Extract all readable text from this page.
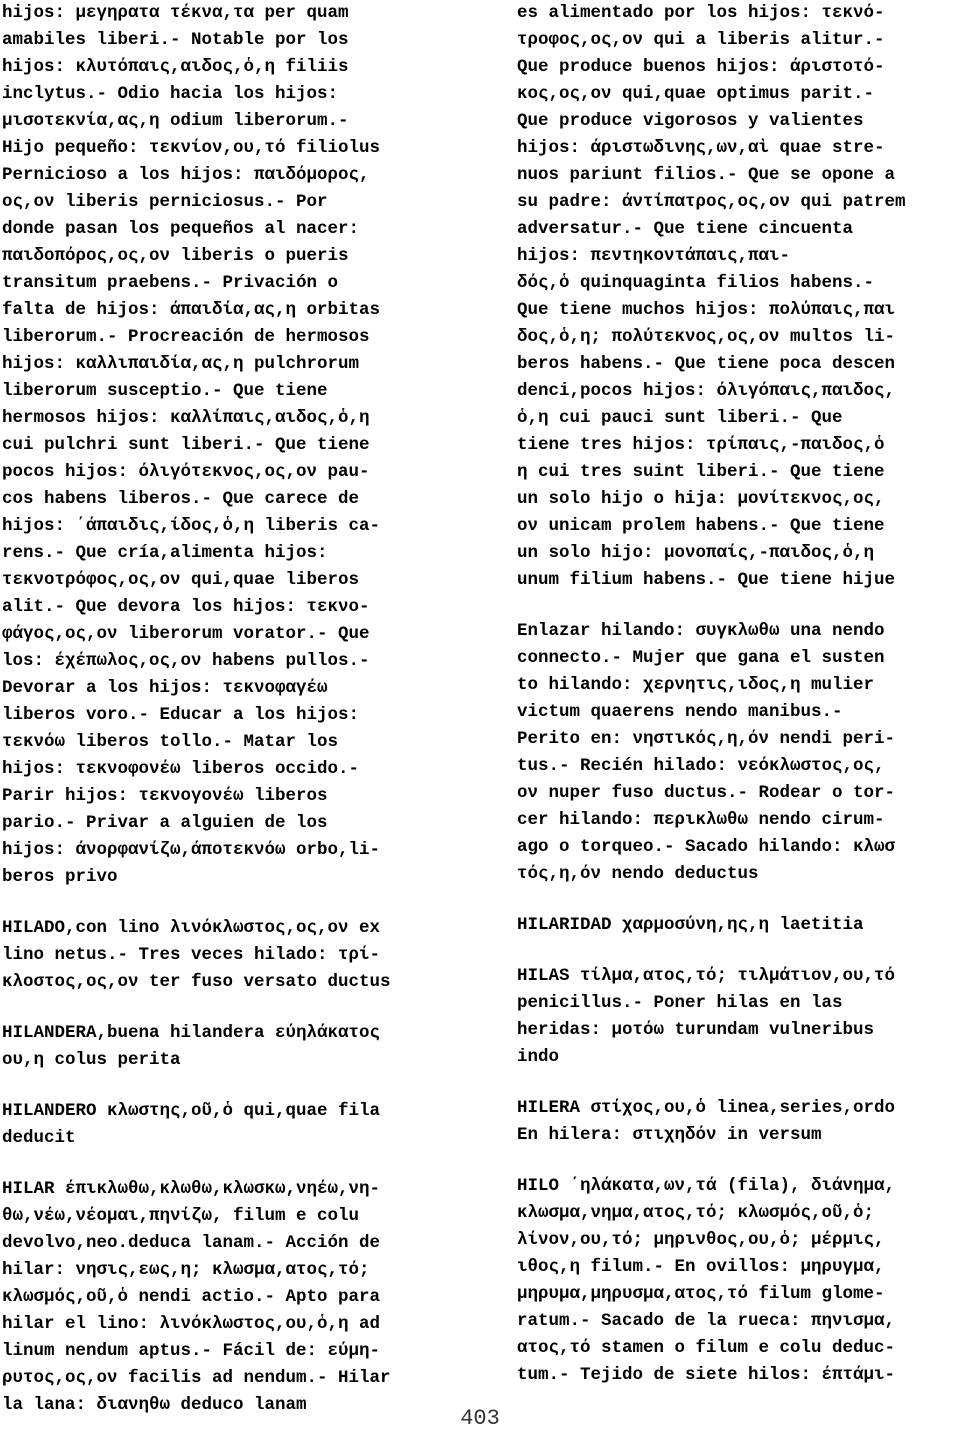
hijos: μεγηρατα τέκνα,τα per quam
amabiles liberi.- Notable por los
hijos: κλυτόπαις,αιδος,ὁ,η filiis
inclytus.- Odio hacia los hijos:
μισοτεκνία,ας,η odium liberorum.-
Hijo pequeño: τεκνίον,ου,τό filiolus
Pernicioso a los hijos: παιδόμορος,
ος,ον liberis perniciosus.- Por
donde pasan los pequeños al nacer:
παιδοπόρος,ος,ον liberis o pueris
transitum praebens.- Privación o
falta de hijos: άπαιδία,ας,η orbitas
liberorum.- Procreación de hermosos
hijos: καλλιπαιδία,ας,η pulchrorum
liberorum susceptio.- Que tiene
hermosos hijos: καλλίπαις,αιδος,ὁ,η
cui pulchri sunt liberi.- Que tiene
pocos hijos: όλιγότεκνος,ος,ον pau-
cos habens liberos.- Que carece de
hijos: ΄άπαιδις,ίδος,ὁ,η liberis ca-
rens.- Que cría,alimenta hijos:
τεκνοτρόφος,ος,ον qui,quae liberos
alit.- Que devora los hijos: τεκνο-
φάγος,ος,ον liberorum vorator.- Que
los: έχέπωλος,ος,ον habens pullos.-
Devorar a los hijos: τεκνοφαγέω
liberos voro.- Educar a los hijos:
τεκνόω liberos tollo.- Matar los
hijos: τεκνοφονέω liberos occido.-
Parir hijos: τεκνογονέω liberos
pario.- Privar a alguien de los
hijos: άνορφανίζω,άποτεκνόω orbo,li-
beros privo
HILADO,con lino λινόκλωστος,ος,ον ex
lino netus.- Tres veces hilado: τρί-
κλοστος,ος,ον ter fuso versato ductus
HILANDERA,buena hilandera εύηλάκατος
ου,η colus perita
HILANDERO κλωστης,οῦ,ὁ qui,quae fila
deducit
HILAR έπικλωθω,κλωθω,κλωσκω,νηέω,νη-
θω,νέω,νέομαι,πηνίζω, filum e colu
devolvo,neo.deduca lanam.- Acción de
hilar: νησις,εως,η; κλωσμα,ατος,τό;
κλωσμός,οῦ,ὁ nendi actio.- Apto para
hilar el lino: λινόκλωστος,ου,ὁ,η ad
linum nendum aptus.- Fácil de: εύμη-
ρυτος,ος,ον facilis ad nendum.- Hilar
la lana: διανηθω deduco lanam
es alimentado por los hijos: τεκνό-
τροφος,ος,ον qui a liberis alitur.-
Que produce buenos hijos: άριστοτό-
κος,ος,ον qui,quae optimus parit.-
Que produce vigorosos y valientes
hijos: άριστωδινης,ων,αὶ quae stre-
nuos pariunt filios.- Que se opone a
su padre: άντίπατρος,ος,ον qui patrem
adversatur.- Que tiene cincuenta
hijos: πεντηκοντάπαις,παι-
δός,ὁ quinquaginta filios habens.-
Que tiene muchos hijos: πολύπαις,παι
δος,ὁ,η; πολύτεκνος,ος,ον multos li-
beros habens.- Que tiene poca descen
denci,pocos hijos: όλιγόπαις,παιδος,
ὁ,η cui pauci sunt liberi.- Que
tiene tres hijos: τρίπαις,-παιδος,ὁ
η cui tres suint liberi.- Que tiene
un solo hijo o hija: μονίτεκνος,ος,
ον unicam prolem habens.- Que tiene
un solo hijo: μονοπαίς,-παιδος,ὁ,η
unum filium habens.- Que tiene hijue
Enlazar hilando: συγκλωθω una nendo
connecto.- Mujer que gana el susten
to hilando: χερνητις,ιδος,η mulier
victum quaerens nendo manibus.-
Perito en: νηστικός,η,όν nendi peri-
tus.- Recién hilado: νεόκλωστος,ος,
ον nuper fuso ductus.- Rodear o tor-
cer hilando: περικλωθω nendo cirum-
ago o torqueo.- Sacado hilando: κλωσ
τός,η,όν nendo deductus
HILARIDAD χαρμοσύνη,ης,η laetitia
HILAS τίλμα,ατος,τό; τιλμάτιον,ου,τό
penicillus.- Poner hilas en las
heridas: μοτόω turundam vulneribus
indo
HILERA στίχος,ου,ὁ linea,series,ordo
En hilera: στιχηδόν in versum
HILO ΄ηλάκατα,ων,τά (fila), διάνημα,
κλωσμα,νημα,ατος,τό; κλωσμός,οῦ,ὁ;
λίνον,ου,τό; μηρινθος,ου,ὁ; μέρμις,
ιθος,η filum.- En ovillos: μηρυγμα,
μηρυμα,μηρυσμα,ατος,τό filum glome-
ratum.- Sacado de la rueca: πηνισμα,
ατος,τό stamen o filum e colu deduc-
tum.- Tejido de siete hilos: έπτάμι-
403
